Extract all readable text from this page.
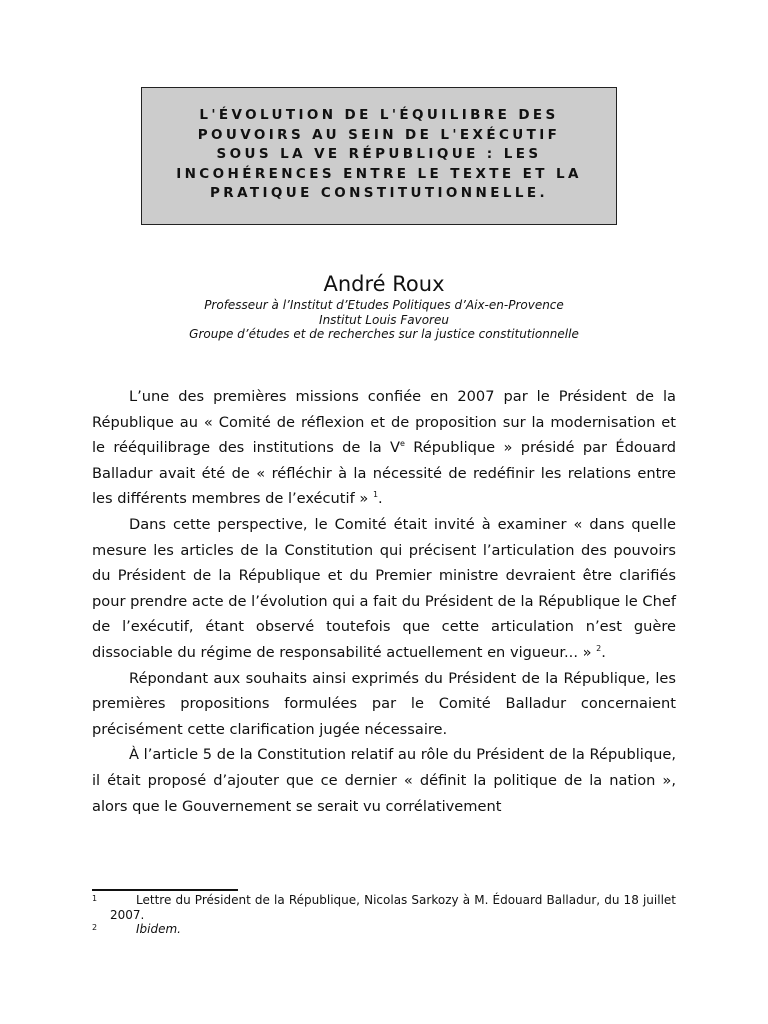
L'ÉVOLUTION DE L'ÉQUILIBRE DES
POUVOIRS AU SEIN DE L'EXÉCUTIF
SOUS LA VE RÉPUBLIQUE : LES
INCOHÉRENCES ENTRE LE TEXTE ET LA
PRATIQUE CONSTITUTIONNELLE.
André Roux
Professeur à l’Institut d’Etudes Politiques d’Aix-en-Provence
Institut Louis Favoreu
Groupe d’études et de recherches sur la justice constitutionnelle

L’une des premières missions confiée en 2007 par le Président de la République au « Comité de réflexion et de proposition sur la modernisation et le rééquilibrage des institutions de la Ve République » présidé par Édouard Balladur avait été de « réfléchir à la nécessité de redéfinir les relations entre les différents membres de l’exécutif » $^1$.

Dans cette perspective, le Comité était invité à examiner « dans quelle mesure les articles de la Constitution qui précisent l’articulation des pouvoirs du Président de la République et du Premier ministre devraient être clarifiés pour prendre acte de l’évolution qui a fait du Président de la République le Chef de l’exécutif, étant observé toutefois que cette articulation n’est guère dissociable du régime de responsabilité actuellement en vigueur... » $^2$.

Répondant aux souhaits ainsi exprimés du Président de la République, les premières propositions formulées par le Comité Balladur concernaient précisément cette clarification jugée nécessaire.

À l’article 5 de la Constitution relatif au rôle du Président de la République, il était proposé d’ajouter que ce dernier « définit la politique de la nation », alors que le Gouvernement se serait vu corrélativement

1	Lettre du Président de la République, Nicolas Sarkozy à M. Édouard Balladur, du 18 juillet 2007.
2	Ibidem.
